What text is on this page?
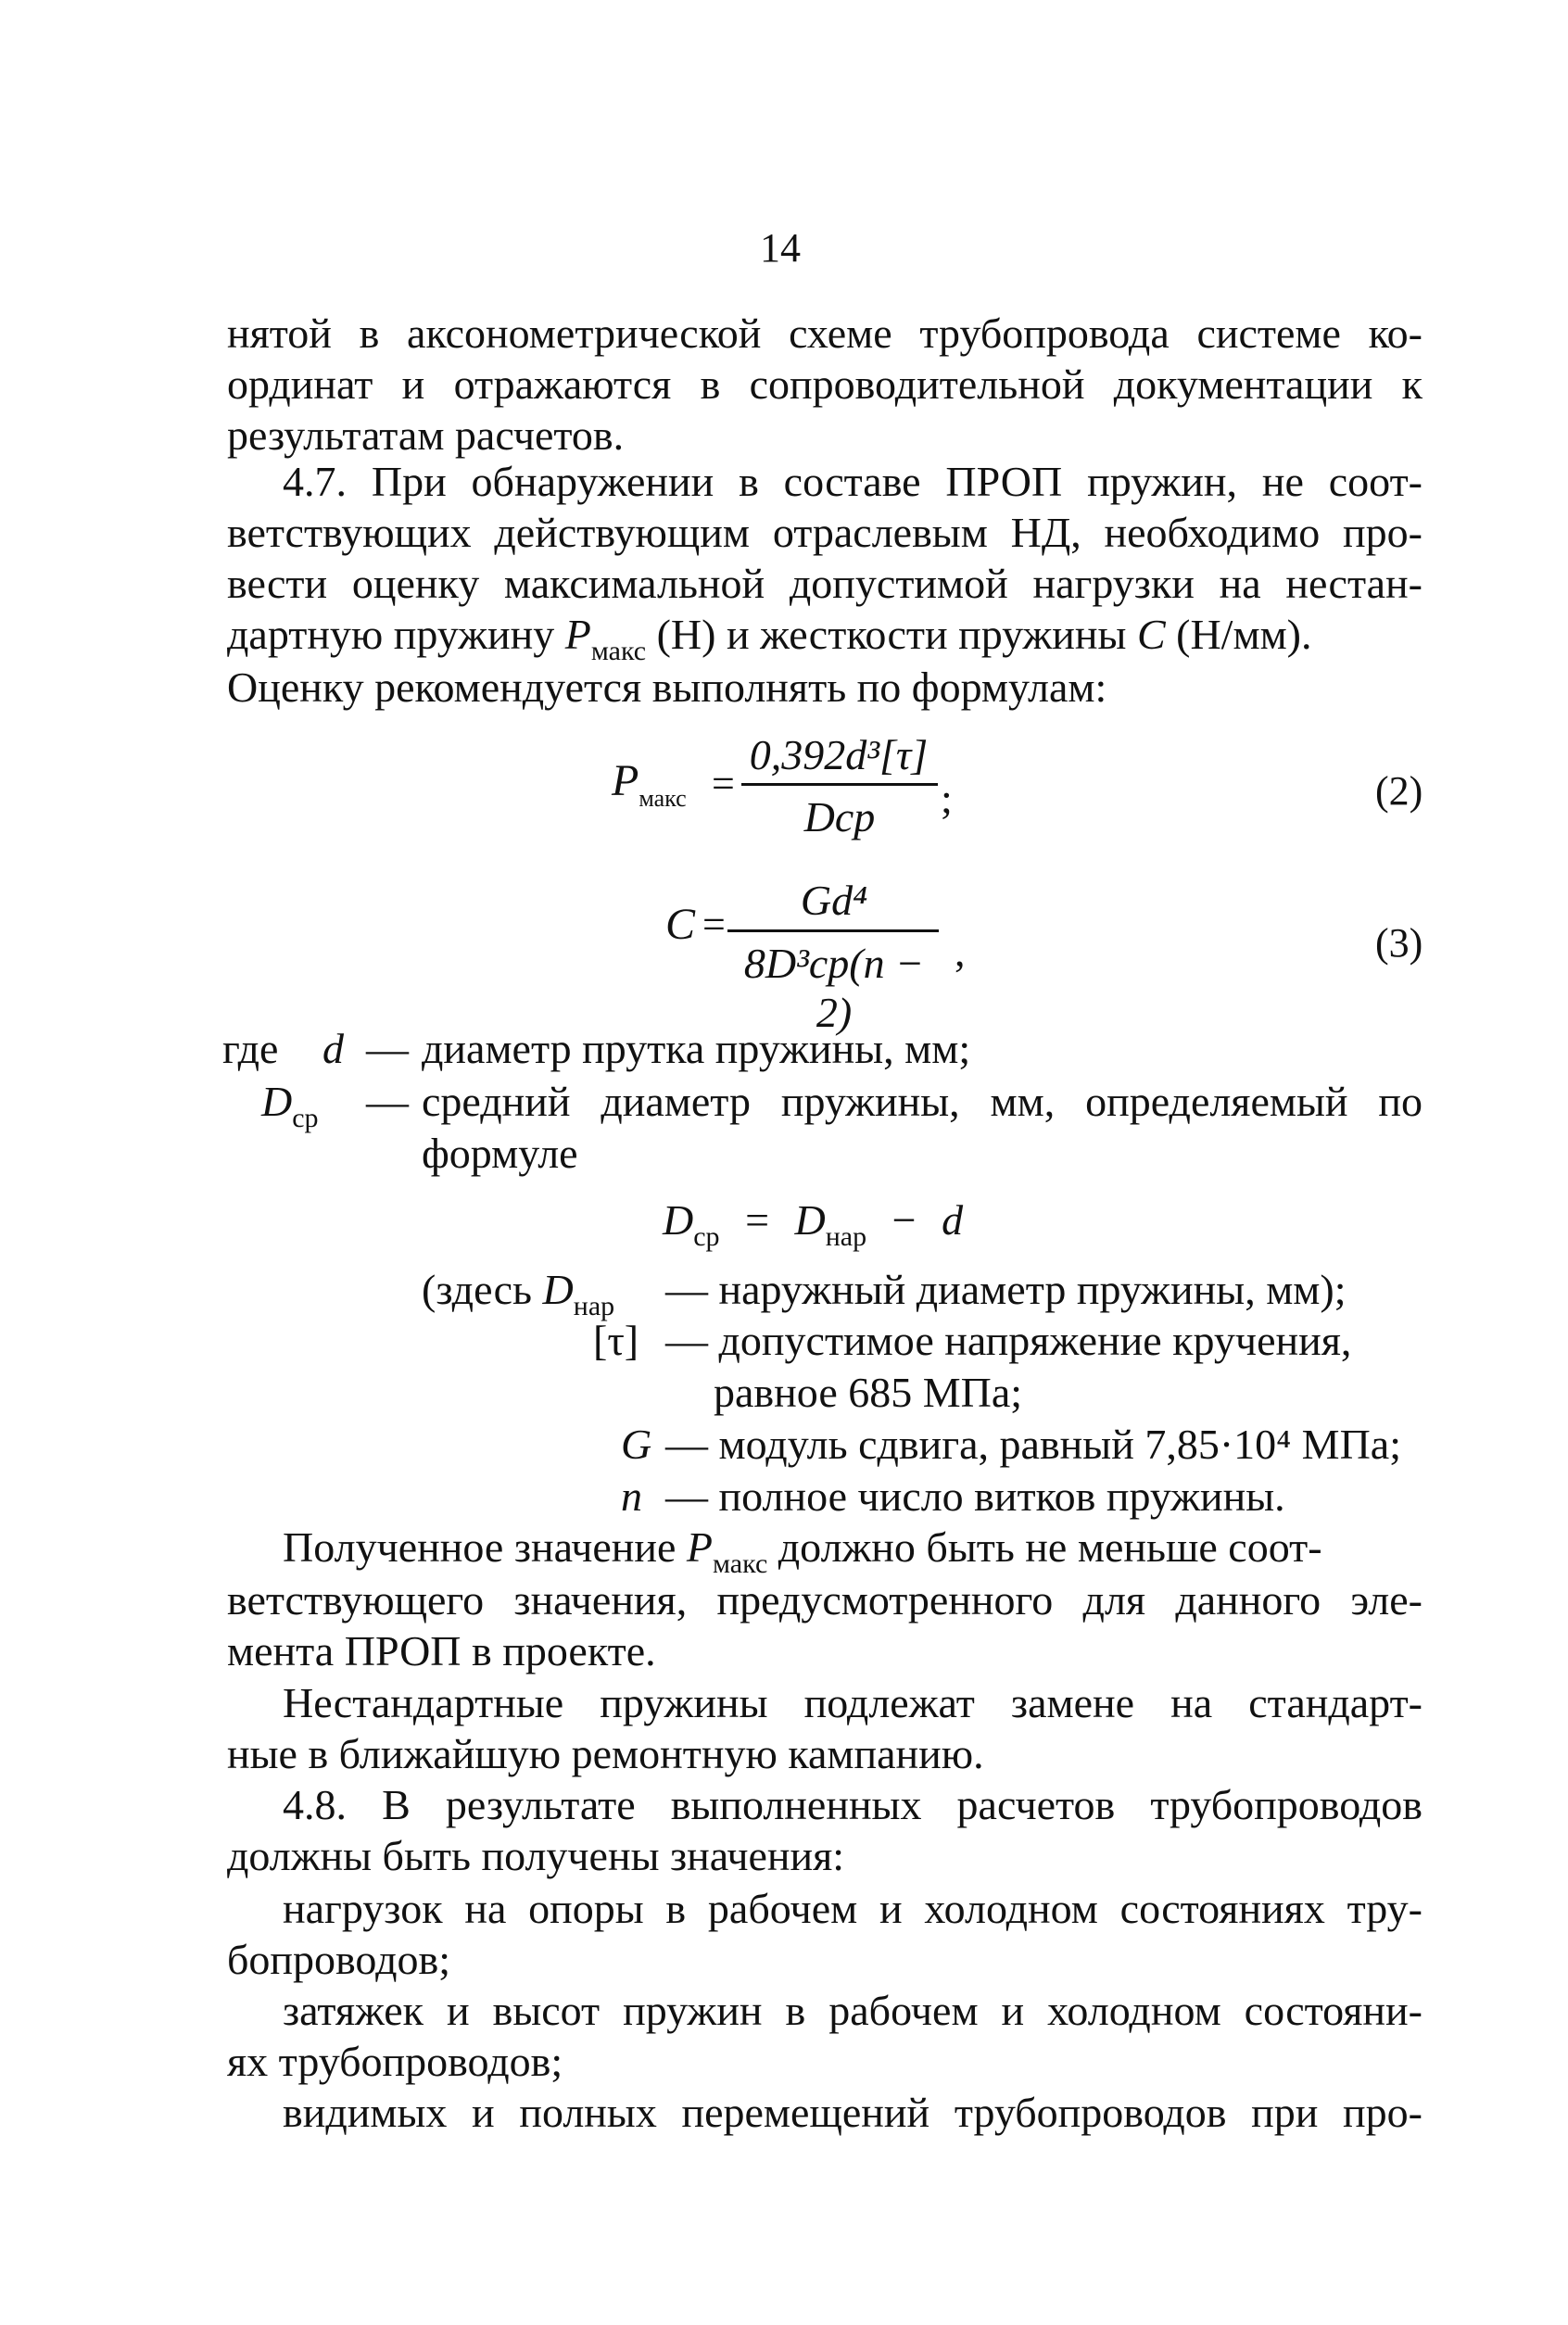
14
нятой в аксонометрической схеме трубопровода системе ко-
ординат и отражаются в сопроводительной документации к
результатам расчетов.
4.7. При обнаружении в составе ПРОП пружин, не соот-
ветствующих действующим отраслевым НД, необходимо про-
вести оценку максимальной допустимой нагрузки на нестан-
дартную пружину $P_{макс}$ (Н) и жесткости пружины C (Н/мм).
Оценку рекомендуется выполнять по формулам:
$P_{макс}$ =
0,392d³[τ]
Dср	;	(2)
C =
Gd⁴
8D³ср(n − 2)
,	(3)
где d — диаметр прутка пружины, мм;
$D_{ср}$ — средний диаметр пружины, мм, определяемый по
формуле
$D_{ср} = D_{нар} - d$
(здесь $D_{нар}$ — наружный диаметр пружины, мм);
[τ] — допустимое напряжение кручения,
равное 685 МПа;
G — модуль сдвига, равный 7,85·10⁴ МПа;
n — полное число витков пружины.
Полученное значение $P_{макс}$ должно быть не меньше соот-
ветствующего значения, предусмотренного для данного эле-
мента ПРОП в проекте.
Нестандартные пружины подлежат замене на стандарт-
ные в ближайшую ремонтную кампанию.
4.8. В результате выполненных расчетов трубопроводов
должны быть получены значения:
нагрузок на опоры в рабочем и холодном состояниях тру-
бопроводов;
затяжек и высот пружин в рабочем и холодном состояни-
ях трубопроводов;
видимых и полных перемещений трубопроводов при про-
